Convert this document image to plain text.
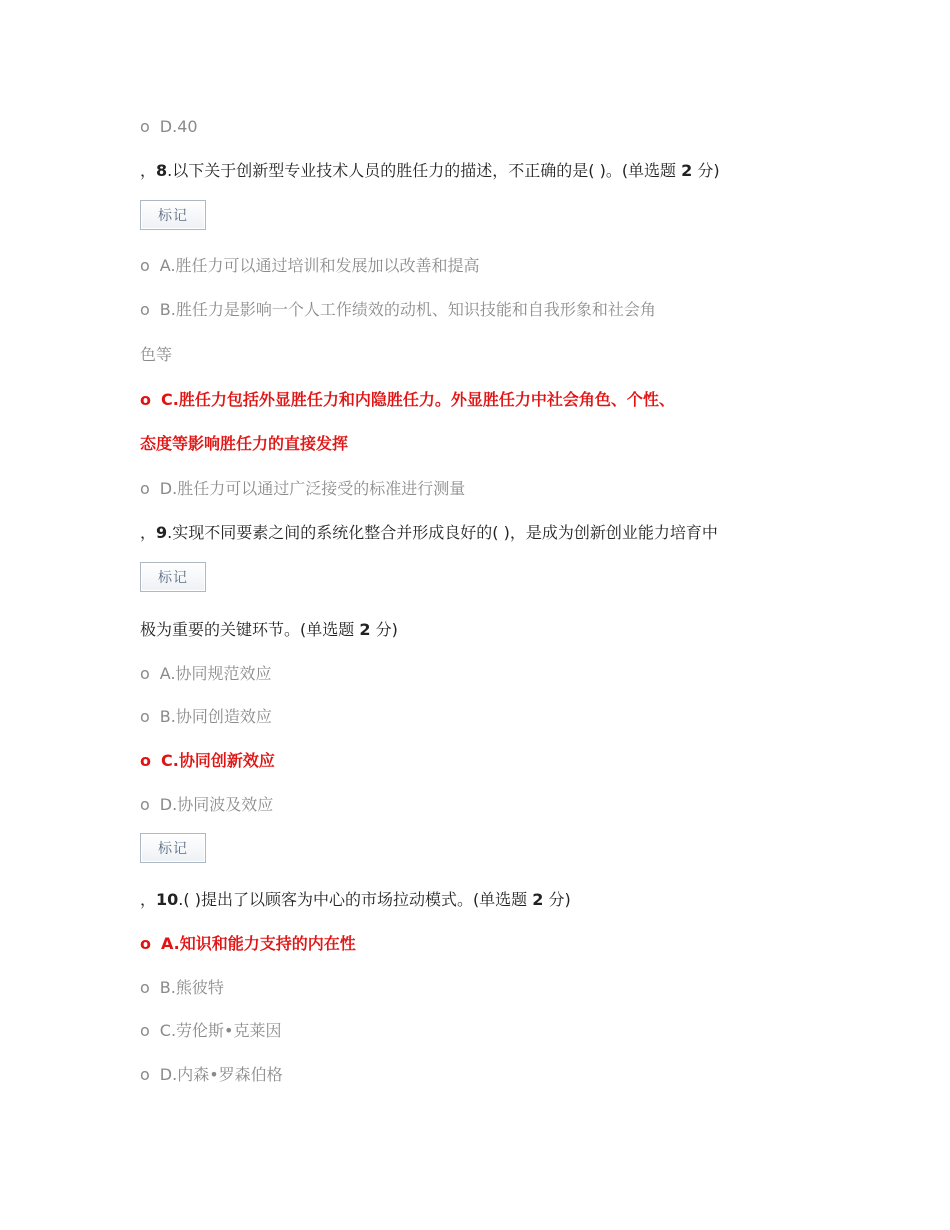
o D.40
，8.以下关于创新型专业技术人员的胜任力的描述，不正确的是( )。(单选题 2 分)
标记
o A.胜任力可以通过培训和发展加以改善和提高
o B.胜任力是影响一个人工作绩效的动机、知识技能和自我形象和社会角
色等
o C.胜任力包括外显胜任力和内隐胜任力。外显胜任力中社会角色、个性、
态度等影响胜任力的直接发挥
o D.胜任力可以通过广泛接受的标准进行测量
，9.实现不同要素之间的系统化整合并形成良好的( )，是成为创新创业能力培育中
标记
极为重要的关键环节。(单选题 2 分)
o A.协同规范效应
o B.协同创造效应
o C.协同创新效应
o D.协同波及效应
标记
，10.( )提出了以顾客为中心的市场拉动模式。(单选题 2 分)
o A.知识和能力支持的内在性
o B.熊彼特
o C.劳伦斯•克莱因
o D.内森•罗森伯格
